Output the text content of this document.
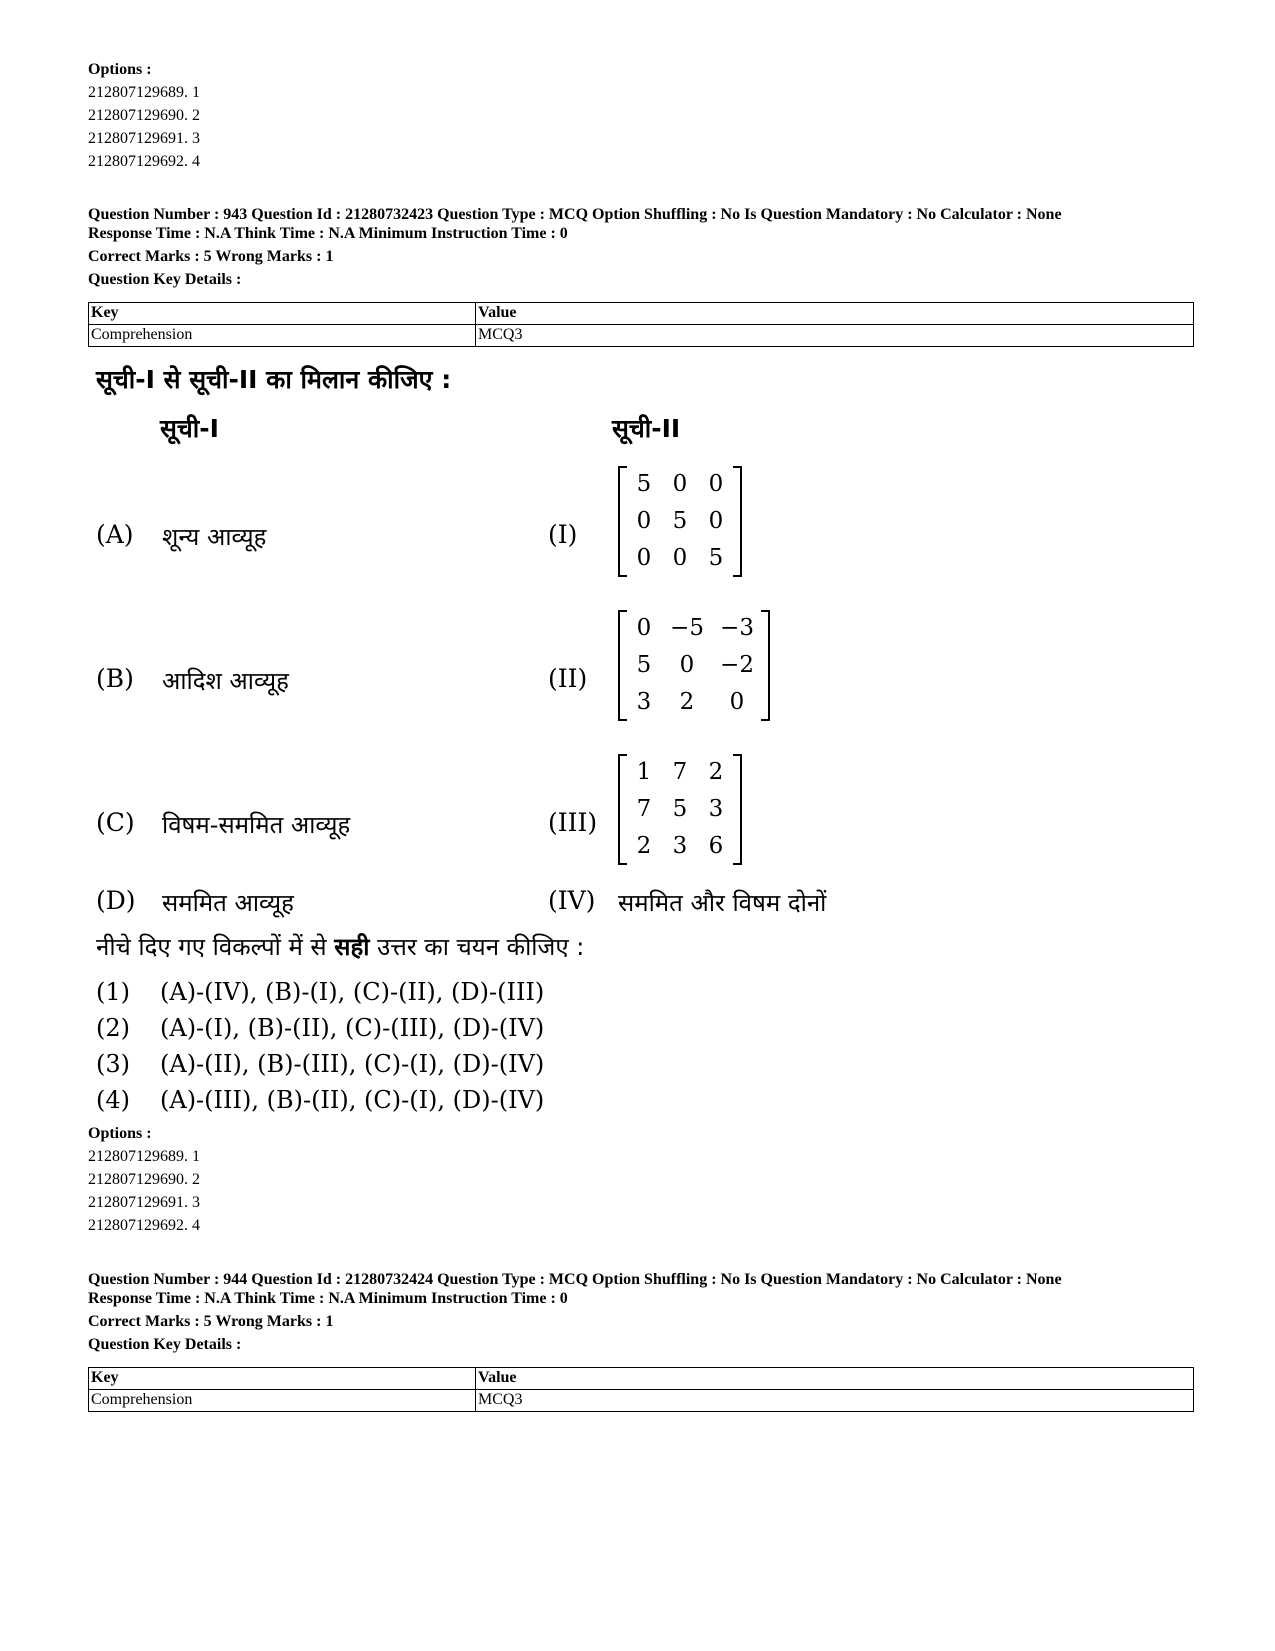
Options :
212807129689. 1
212807129690. 2
212807129691. 3
212807129692. 4
Question Number : 943 Question Id : 21280732423 Question Type : MCQ Option Shuffling : No Is Question Mandatory : No Calculator : None
Response Time : N.A Think Time : N.A Minimum Instruction Time : 0
Correct Marks : 5 Wrong Marks : 1
Question Key Details :
Key	Value
Comprehension	MCQ3
सूची-I से सूची-II का मिलान कीजिए :
सूची-I	सूची-II
(A) शून्य आव्यूह	(I)
5 0 0
0 5 0
0 0 5
(B) आदिश आव्यूह	(II)
0 −5 −3
5	0	−2
3	2	0
(C) विषम-सममित आव्यूह	(III)
1 7 2
7 5 3
2 3 6
(D) सममित आव्यूह	(IV) सममित और विषम दोनों
नीचे दिए गए विकल्पों में से सही उत्तर का चयन कीजिए :
(1) (A)-(IV), (B)-(I), (C)-(II), (D)-(III)
(2) (A)-(I), (B)-(II), (C)-(III), (D)-(IV)
(3) (A)-(II), (B)-(III), (C)-(I), (D)-(IV)
(4) (A)-(III), (B)-(II), (C)-(I), (D)-(IV)
Options :
212807129689. 1
212807129690. 2
212807129691. 3
212807129692. 4
Question Number : 944 Question Id : 21280732424 Question Type : MCQ Option Shuffling : No Is Question Mandatory : No Calculator : None
Response Time : N.A Think Time : N.A Minimum Instruction Time : 0
Correct Marks : 5 Wrong Marks : 1
Question Key Details :
Key	Value
Comprehension	MCQ3
